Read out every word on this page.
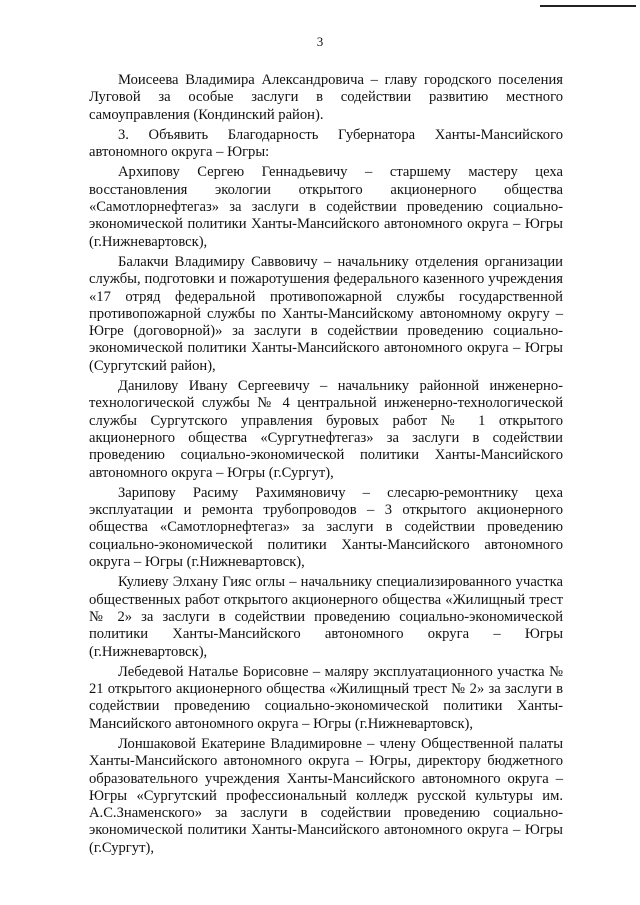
3

Моисеева Владимира Александровича – главу городского поселения Луговой за особые заслуги в содействии развитию местного самоуправления (Кондинский район).

3. Объявить Благодарность Губернатора Ханты-Мансийского автономного округа – Югры:

Архипову Сергею Геннадьевичу – старшему мастеру цеха восстановления экологии открытого акционерного общества «Самотлорнефтегаз» за заслуги в содействии проведению социально-экономической политики Ханты-Мансийского автономного округа – Югры (г.Нижневартовск),

Балакчи Владимиру Саввовичу – начальнику отделения организации службы, подготовки и пожаротушения федерального казенного учреждения «17 отряд федеральной противопожарной службы государственной противопожарной службы по Ханты-Мансийскому автономному округу – Югре (договорной)» за заслуги в содействии проведению социально-экономической политики Ханты-Мансийского автономного округа – Югры (Сургутский район),

Данилову Ивану Сергеевичу – начальнику районной инженерно-технологической службы № 4 центральной инженерно-технологической службы Сургутского управления буровых работ № 1 открытого акционерного общества «Сургутнефтегаз» за заслуги в содействии проведению социально-экономической политики Ханты-Мансийского автономного округа – Югры (г.Сургут),

Зарипову Расиму Рахимяновичу – слесарю-ремонтнику цеха эксплуатации и ремонта трубопроводов – 3 открытого акционерного общества «Самотлорнефтегаз» за заслуги в содействии проведению социально-экономической политики Ханты-Мансийского автономного округа – Югры (г.Нижневартовск),

Кулиеву Элхану Гияс оглы – начальнику специализированного участка общественных работ открытого акционерного общества «Жилищный трест № 2» за заслуги в содействии проведению социально-экономической политики Ханты-Мансийского автономного округа – Югры (г.Нижневартовск),

Лебедевой Наталье Борисовне – маляру эксплуатационного участка № 21 открытого акционерного общества «Жилищный трест № 2» за заслуги в содействии проведению социально-экономической политики Ханты-Мансийского автономного округа – Югры (г.Нижневартовск),

Лоншаковой Екатерине Владимировне – члену Общественной палаты Ханты-Мансийского автономного округа – Югры, директору бюджетного образовательного учреждения Ханты-Мансийского автономного округа – Югры «Сургутский профессиональный колледж русской культуры им. А.С.Знаменского» за заслуги в содействии проведению социально-экономической политики Ханты-Мансийского автономного округа – Югры (г.Сургут),
